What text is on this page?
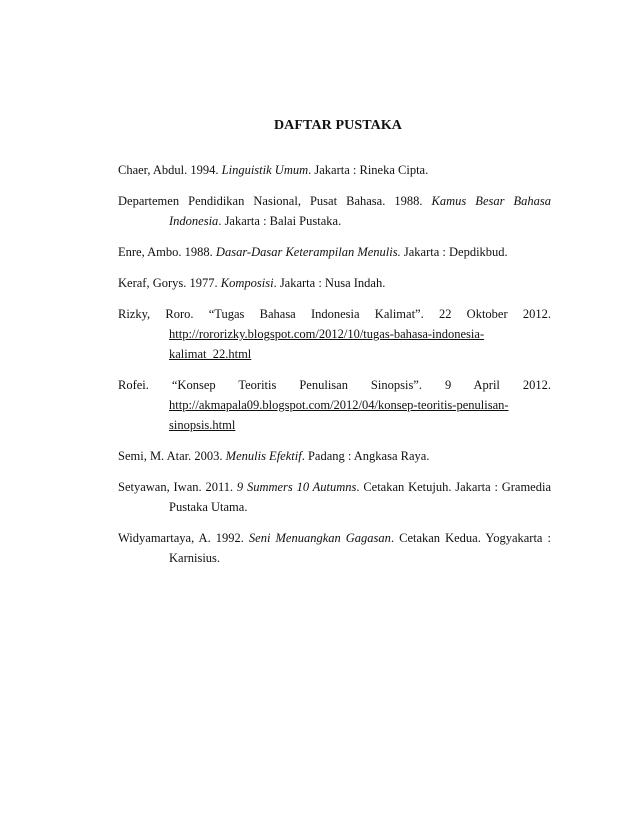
DAFTAR PUSTAKA

Chaer, Abdul. 1994. Linguistik Umum. Jakarta : Rineka Cipta.

Departemen Pendidikan Nasional, Pusat Bahasa. 1988. Kamus Besar Bahasa Indonesia. Jakarta : Balai Pustaka.

Enre, Ambo. 1988. Dasar-Dasar Keterampilan Menulis. Jakarta : Depdikbud.

Keraf, Gorys. 1977. Komposisi. Jakarta : Nusa Indah.

Rizky, Roro. “Tugas Bahasa Indonesia Kalimat”. 22 Oktober 2012. http://rororizky.blogspot.com/2012/10/tugas-bahasa-indonesia-kalimat_22.html

Rofei. “Konsep Teoritis Penulisan Sinopsis”. 9 April 2012. http://akmapala09.blogspot.com/2012/04/konsep-teoritis-penulisan-sinopsis.html

Semi, M. Atar. 2003. Menulis Efektif. Padang : Angkasa Raya.

Setyawan, Iwan. 2011. 9 Summers 10 Autumns. Cetakan Ketujuh. Jakarta : Gramedia Pustaka Utama.

Widyamartaya, A. 1992. Seni Menuangkan Gagasan. Cetakan Kedua. Yogyakarta : Karnisius.
